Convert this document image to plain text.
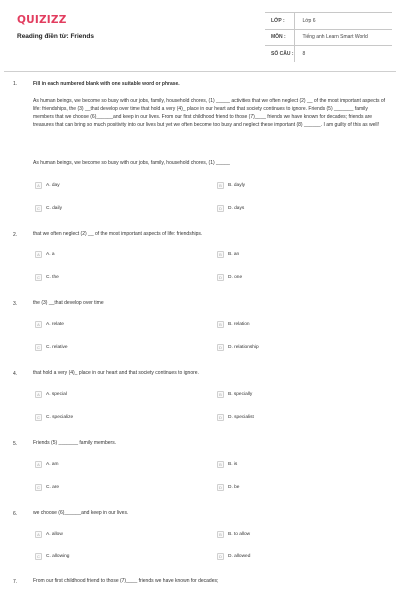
QUIZIZZ
Reading điền từ: Friends
LỚP :	Lớp 6
MÔN :	Tiếng anh Learn Smart World
SỐ CÂU :	8
1.	Fill in each numbered blank with one suitable word or phrase.
As human beings, we become so busy with our jobs, family, household chores, (1) _____ activities that we often neglect (2) __ of the most important aspects of life: friendships, the (3) __that develop over time that hold a very (4)_ place in our heart and that society continues to ignore. Friends (5) _______ family members that we choose (6)______and keep in our lives. From our first childhood friend to those (7)____ friends we have known for decades; friends are treasures that can bring so much positivity into our lives but yet we often become too busy and neglect these important (8) ______. I am guilty of this as well!
As human beings, we become so busy with our jobs, family, household chores, (1) _____
A	A. day	B	B. dayly
C	C. daily	D	D. days
2.	that we often neglect (2) __ of the most important aspects of life: friendships.
A	A. a	B	B. an
C	C. the	D	D. one
3.	the (3) __that develop over time
A	A. relate	B	B. relation
C	C. relative	D	D. relationship
4.	that hold a very (4)_ place in our heart and that society continues to ignore.
A	A. special	B	B. specially
C	C. specialize	D	D. specialist
5.	Friends (5) _______ family members.
A	A. am	B	B. is
C	C. are	D	D. be
6.	we choose (6)______and keep in our lives.
A	A. allow	B	B. to allow
C	C. allowing	D	D. allowed
7.	From our first childhood friend to those (7)____ friends we have known for decades;
